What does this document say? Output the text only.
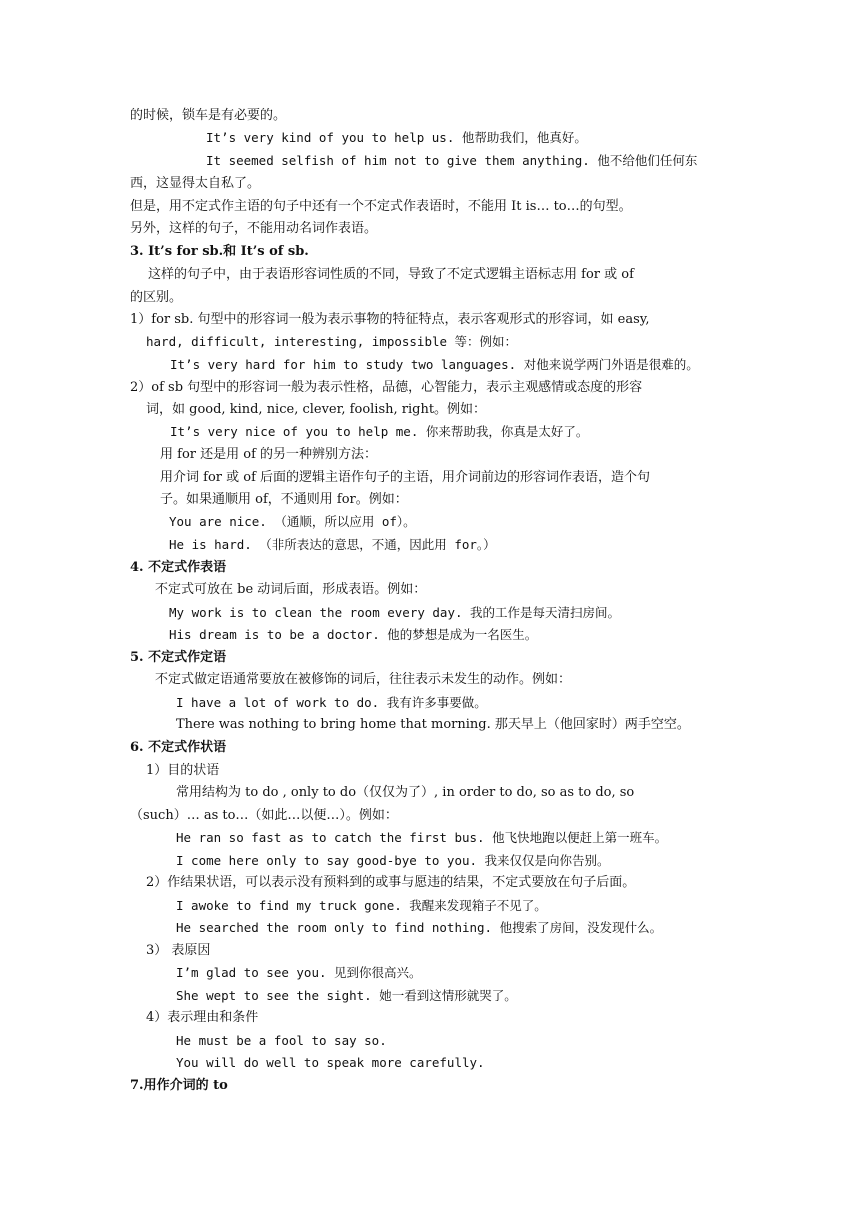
的时候，锁车是有必要的。
It’s very kind of you to help us. 他帮助我们，他真好。
It seemed selfish of him not to give them anything. 他不给他们任何东
西，这显得太自私了。
但是，用不定式作主语的句子中还有一个不定式作表语时，不能用 It is… to…的句型。
另外，这样的句子，不能用动名词作表语。
3. It’s for sb.和 It’s of sb.
这样的句子中，由于表语形容词性质的不同，导致了不定式逻辑主语标志用 for 或 of
的区别。
1）for sb. 句型中的形容词一般为表示事物的特征特点，表示客观形式的形容词，如 easy,
hard, difficult, interesting, impossible 等：例如：
It’s very hard for him to study two languages. 对他来说学两门外语是很难的。
2）of sb 句型中的形容词一般为表示性格，品德，心智能力，表示主观感情或态度的形容
词，如 good, kind, nice, clever, foolish, right。例如：
It’s very nice of you to help me. 你来帮助我，你真是太好了。
用 for 还是用 of 的另一种辨别方法：
用介词 for 或 of 后面的逻辑主语作句子的主语，用介词前边的形容词作表语，造个句
子。如果通顺用 of，不通则用 for。例如：
You are nice. （通顺，所以应用 of）。
He is hard. （非所表达的意思，不通，因此用 for。）
4. 不定式作表语
不定式可放在 be 动词后面，形成表语。例如：
My work is to clean the room every day. 我的工作是每天清扫房间。
His dream is to be a doctor. 他的梦想是成为一名医生。
5. 不定式作定语
不定式做定语通常要放在被修饰的词后，往往表示未发生的动作。例如：
I have a lot of work to do. 我有许多事要做。
There was nothing to bring home that morning. 那天早上（他回家时）两手空空。
6. 不定式作状语
1）目的状语
常用结构为 to do , only to do（仅仅为了）, in order to do, so as to do, so
（such）… as to…（如此…以便…）。例如：
He ran so fast as to catch the first bus. 他飞快地跑以便赶上第一班车。
I come here only to say good-bye to you. 我来仅仅是向你告别。
2）作结果状语，可以表示没有预料到的或事与愿违的结果，不定式要放在句子后面。
I awoke to find my truck gone. 我醒来发现箱子不见了。
He searched the room only to find nothing. 他搜索了房间，没发现什么。
3） 表原因
I’m glad to see you. 见到你很高兴。
She wept to see the sight. 她一看到这情形就哭了。
4）表示理由和条件
He must be a fool to say so.
You will do well to speak more carefully.
7.用作介词的 to
